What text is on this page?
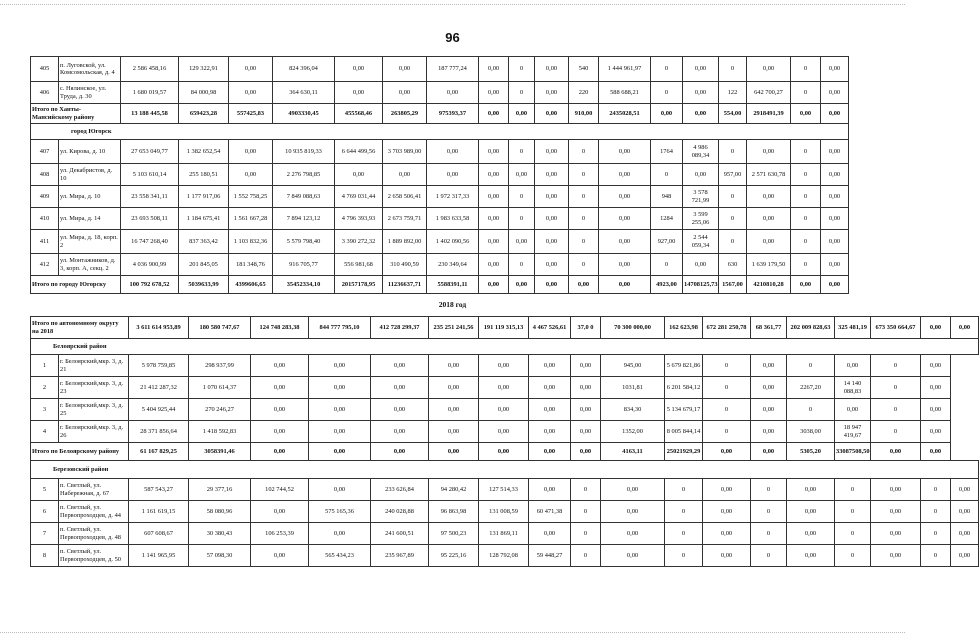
96
405	п. Луговской, ул. Комсомольская, д. 4	2 586 458,16	129 322,91	0,00	824 396,04	0,00	0,00	187 777,24	0,00	0	0,00	540	1 444 961,97	0	0,00	0	0,00	0	0,00
406	с. Нялинское, ул. Труда, д. 30	1 680 019,57	84 000,98	0,00	364 630,11	0,00	0,00	0,00	0,00	0	0,00	220	588 688,21	0	0,00	122	642 700,27	0	0,00
Итого по Ханты-Мансийскому району		13 188 445,58	659423,28	557425,83	4903330,45	455568,46	263805,29	975393,37	0,00	0,00	0,00	910,00	2435028,51	0,00	0,00	554,00	2918491,39	0,00	0,00
город Югорск																			
407	ул. Кирова, д. 10	27 653 049,77	1 382 652,54	0,00	10 935 819,33	6 644 499,56	3 703 989,00	0,00	0,00	0	0,00	0	0,00	1764	4 986 089,34	0	0,00	0	0,00
408	ул. Декабристов, д. 10	5 103 610,14	255 180,51	0,00	2 276 798,85	0,00	0,00	0,00	0,00	0,00	0,00	0	0,00	0	0,00	957,00	2 571 630,78	0	0,00
409	ул. Мира, д. 10	23 558 341,11	1 177 917,06	1 552 758,25	7 849 088,63	4 769 031,44	2 658 506,41	1 972 317,33	0,00	0	0,00	0	0,00	948	3 578 721,99	0	0,00	0	0,00
410	ул. Мира, д. 14	23 693 508,11	1 184 675,41	1 561 667,28	7 894 123,12	4 796 393,93	2 673 759,71	1 983 633,58	0,00	0	0,00	0	0,00	1284	3 599 255,06	0	0,00	0	0,00
411	ул. Мира, д. 18, корп. 2	16 747 268,40	837 363,42	1 103 832,36	5 579 798,40	3 390 272,32	1 889 892,00	1 402 090,56	0,00	0,00	0,00	0	0,00	927,00	2 544 059,34	0	0,00	0	0,00
412	ул. Монтажников, д. 3, корп. А, секц. 2	4 036 900,99	201 845,05	181 348,76	916 705,77	556 981,68	310 490,59	230 349,64	0,00	0	0,00	0	0,00	0	0,00	630	1 639 179,50	0	0,00
Итого по городу Югорску		100 792 678,52	5039633,99	4399606,65	35452334,10	20157178,95	11236637,71	5588391,11	0,00	0,00	0,00	0,00	0,00	4923,00	14708125,73	1567,00	4210810,28	0,00	0,00
2018 год
Итого по автономному округу на 2018		3 611 614 953,89	180 580 747,67	124 748 283,38	844 777 795,10	412 728 299,37	235 251 241,56	191 119 315,13	4 467 526,61	37,0 0	70 300 000,00	162 623,98	672 281 250,78	68 361,77	202 009 828,63	325 481,19	673 350 664,67	0,00	0,00
Белоярский район																			
1	г. Белоярский,мкр. 3, д. 21	5 978 759,85	298 937,99	0,00	0,00	0,00	0,00	0,00	0,00	0,00	945,00	5 679 821,86	0	0,00	0	0,00	0	0,00	
2	г. Белоярский,мкр. 3, д. 23	21 412 287,32	1 070 614,37	0,00	0,00	0,00	0,00	0,00	0,00	0,00	1031,81	6 201 584,12	0	0,00	2267,20	14 140 088,83	0	0,00	
3	г. Белоярский,мкр. 3, д. 25	5 404 925,44	270 246,27	0,00	0,00	0,00	0,00	0,00	0,00	0,00	834,30	5 134 679,17	0	0,00	0	0,00	0	0,00	
4	г. Белоярский,мкр. 3, д. 26	28 371 856,64	1 418 592,83	0,00	0,00	0,00	0,00	0,00	0,00	0,00	1352,00	8 005 844,14	0	0,00	3038,00	18 947 419,67	0	0,00	
Итого по Белоярскому району		61 167 829,25	3058391,46	0,00	0,00	0,00	0,00	0,00	0,00	0,00	4163,11	25021929,29	0,00	0,00	5305,20	33087508,50	0,00	0,00	
Березовский район																			
5	п. Светлый, ул. Набережная, д. 67	587 543,27	29 377,16	102 744,52	0,00	233 626,84	94 280,42	127 514,33	0,00	0	0,00	0	0,00	0	0,00	0	0,00	0	0,00
6	п. Светлый, ул. Первопроходцев, д. 44	1 161 619,15	58 080,96	0,00	575 165,36	240 028,88	96 863,98	131 008,59	60 471,38	0	0,00	0	0,00	0	0,00	0	0,00	0	0,00
7	п. Светлый, ул. Первопроходцев, д. 48	607 608,67	30 380,43	106 253,39	0,00	241 600,51	97 500,23	131 869,11	0,00	0	0,00	0	0,00	0	0,00	0	0,00	0	0,00
8	п. Светлый, ул. Первопроходцев, д. 50	1 141 965,95	57 098,30	0,00	565 434,23	235 967,89	95 225,16	128 792,08	59 448,27	0	0,00	0	0,00	0	0,00	0	0,00	0	0,00
